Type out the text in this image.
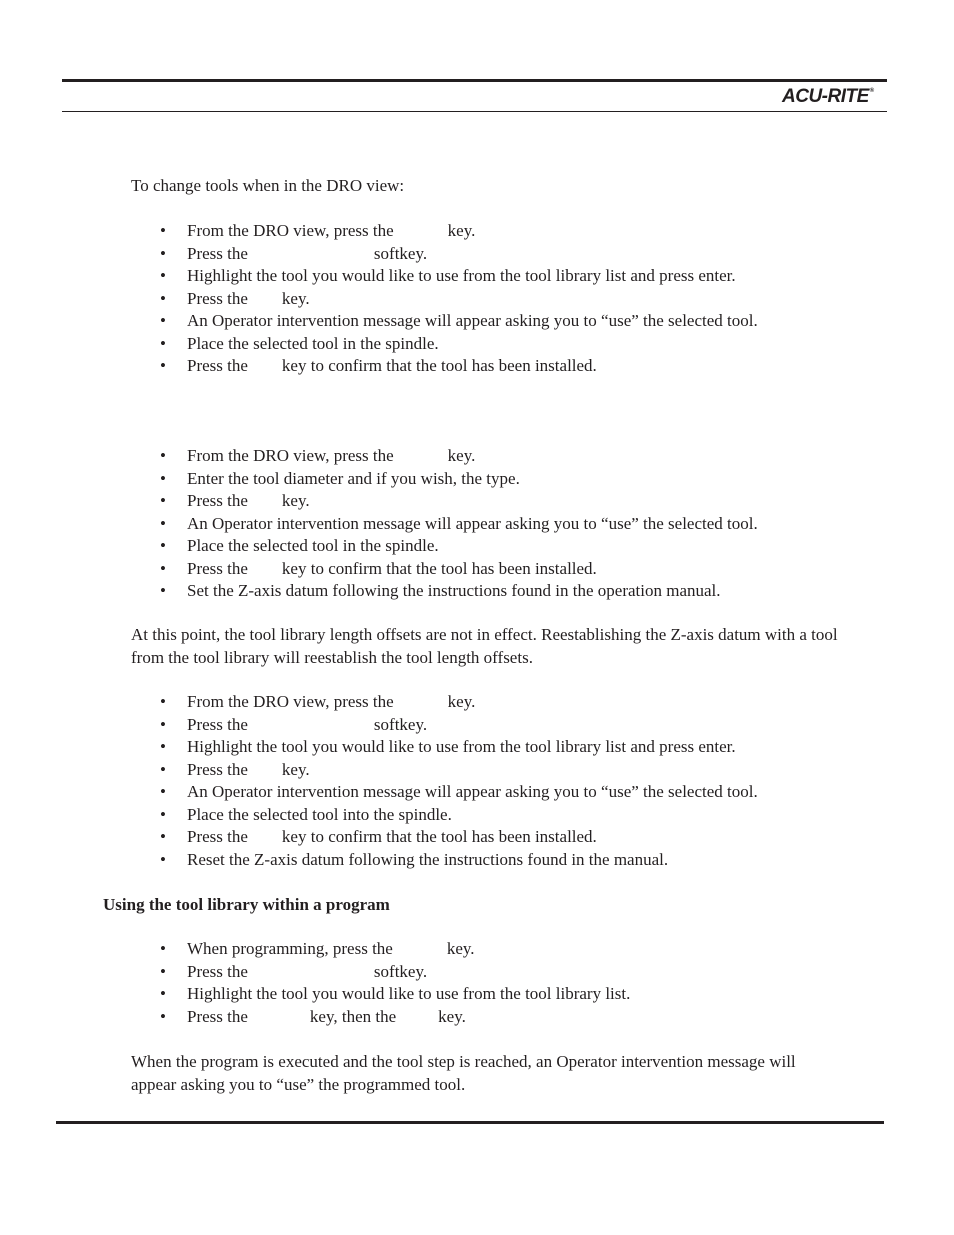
ACU-RITE®

To change tools when in the DRO view:

• From the DRO view, press the	key.
• Press the	softkey.
• Highlight the tool you would like to use from the tool library list and press enter.
• Press the key.
• An Operator intervention message will appear asking you to “use” the selected tool.
• Place the selected tool in the spindle.
• Press the key to confirm that the tool has been installed.
• From the DRO view, press the	key.
• Enter the tool diameter and if you wish, the type.
• Press the key.
• An Operator intervention message will appear asking you to “use” the selected tool.
• Place the selected tool in the spindle.
• Press the key to confirm that the tool has been installed.
• Set the Z-axis datum following the instructions found in the operation manual.

At this point, the tool library length offsets are not in effect. Reestablishing the Z-axis datum with a tool from the tool library will reestablish the tool length offsets.

• From the DRO view, press the	key.
• Press the	softkey.
• Highlight the tool you would like to use from the tool library list and press enter.
• Press the key.
• An Operator intervention message will appear asking you to “use” the selected tool.
• Place the selected tool into the spindle.
• Press the key to confirm that the tool has been installed.
• Reset the Z-axis datum following the instructions found in the manual.

Using the tool library within a program

• When programming, press the	key.
• Press the	softkey.
• Highlight the tool you would like to use from the tool library list.
• Press the	key, then the key.

When the program is executed and the tool step is reached, an Operator intervention message will appear asking you to “use” the programmed tool.
